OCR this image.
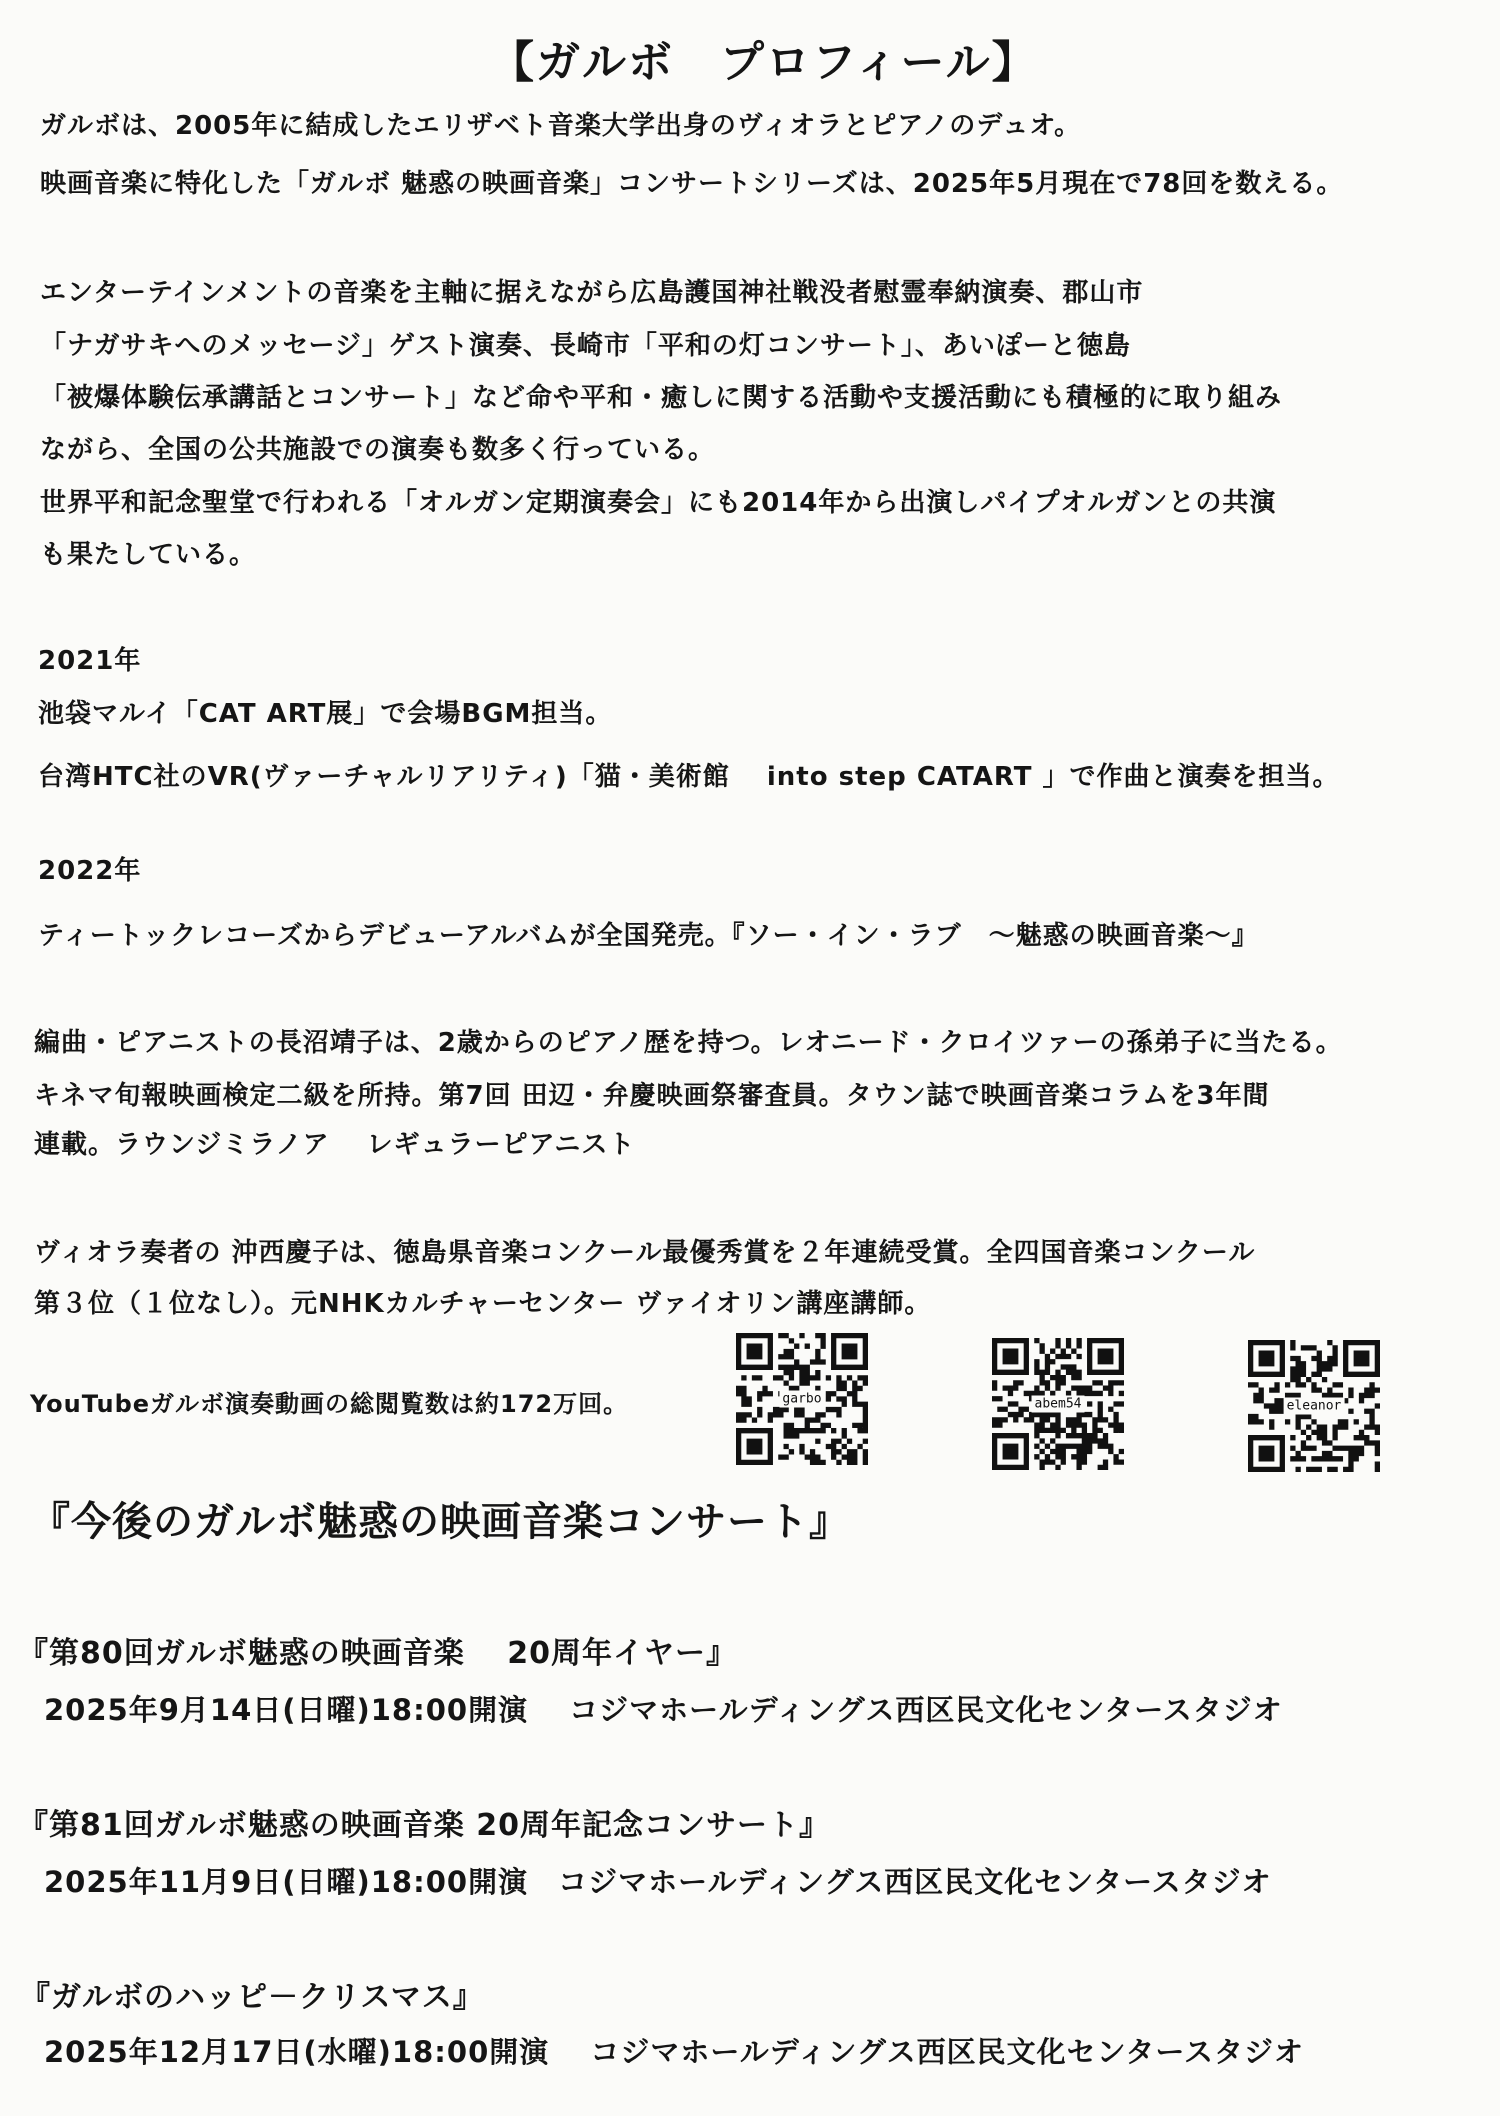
【ガルボ　プロフィール】
ガルボは、2005年に結成したエリザベト音楽大学出身のヴィオラとピアノのデュオ。
映画音楽に特化した「ガルボ 魅惑の映画音楽」コンサートシリーズは、2025年5月現在で78回を数える。
エンターテインメントの音楽を主軸に据えながら広島護国神社戦没者慰霊奉納演奏、郡山市
「ナガサキへのメッセージ」ゲスト演奏、長崎市「平和の灯コンサート」、あいぽーと徳島
「被爆体験伝承講話とコンサート」など命や平和・癒しに関する活動や支援活動にも積極的に取り組み
ながら、全国の公共施設での演奏も数多く行っている。
世界平和記念聖堂で行われる「オルガン定期演奏会」にも2014年から出演しパイプオルガンとの共演
も果たしている。
2021年
池袋マルイ「CAT ART展」で会場BGM担当。
台湾HTC社のVR(ヴァーチャルリアリティ)「猫・美術館　 into step CATART 」で作曲と演奏を担当。
2022年
ティートックレコーズからデビューアルバムが全国発売。『ソー・イン・ラブ　～魅惑の映画音楽～』
編曲・ピアニストの長沼靖子は、2歳からのピアノ歴を持つ。レオニード・クロイツァーの孫弟子に当たる。
キネマ旬報映画検定二級を所持。第7回 田辺・弁慶映画祭審査員。タウン誌で映画音楽コラムを3年間
連載。ラウンジミラノア　 レギュラーピアニスト
ヴィオラ奏者の 沖西慶子は、徳島県音楽コンクール最優秀賞を２年連続受賞。全四国音楽コンクール
第３位（１位なし）。元NHKカルチャーセンター ヴァイオリン講座講師。
YouTubeガルボ演奏動画の総閲覧数は約172万回。	garbo	abem54	eleanor
『今後のガルボ魅惑の映画音楽コンサート』
『第80回ガルボ魅惑の映画音楽　 20周年イヤー』
2025年9月14日(日曜)18:00開演　 コジマホールディングス西区民文化センタースタジオ
『第81回ガルボ魅惑の映画音楽 20周年記念コンサート』
2025年11月9日(日曜)18:00開演　コジマホールディングス西区民文化センタースタジオ
『ガルボのハッピ－クリスマス』
2025年12月17日(水曜)18:00開演　 コジマホールディングス西区民文化センタースタジオ
